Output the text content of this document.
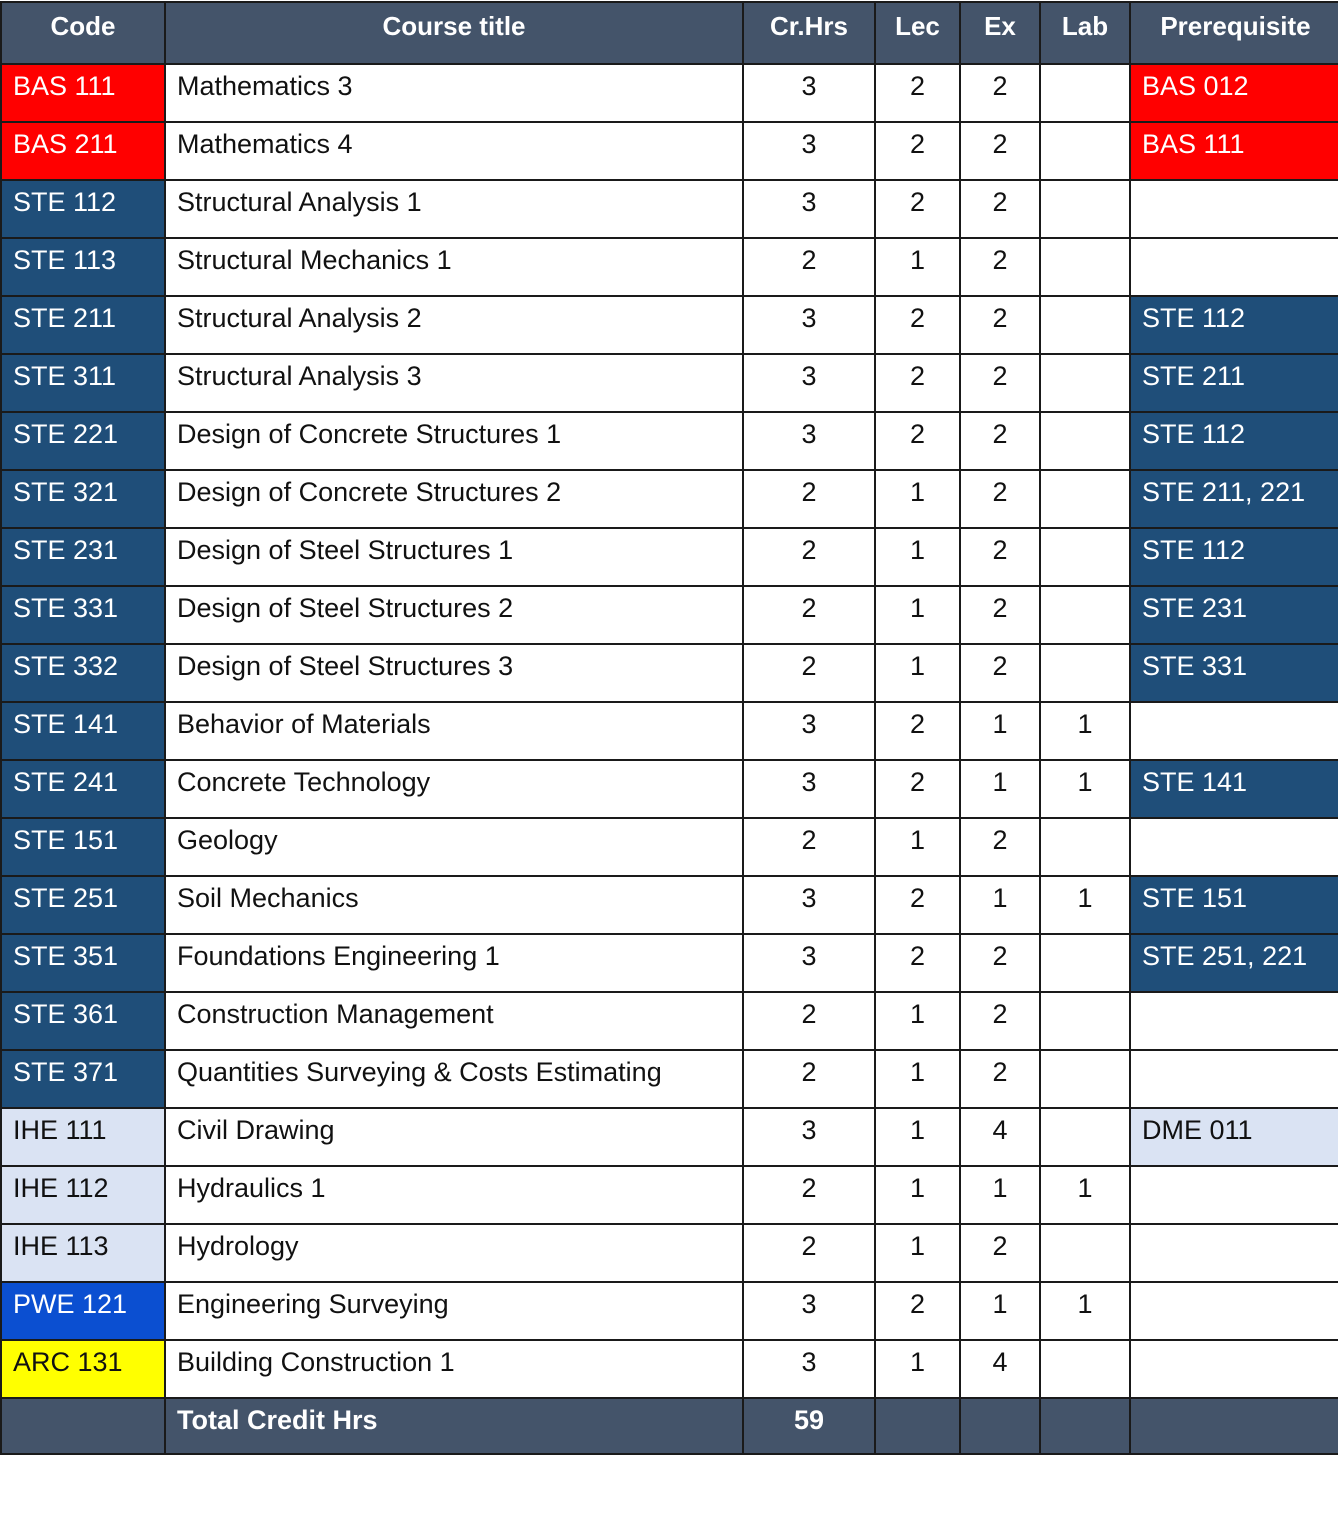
Code	Course title	Cr.Hrs	Lec	Ex	Lab	Prerequisite
BAS 111	Mathematics 3	3	2	2		BAS 012
BAS 211	Mathematics 4	3	2	2		BAS 111
STE 112	Structural Analysis 1	3	2	2		
STE 113	Structural Mechanics 1	2	1	2		
STE 211	Structural Analysis 2	3	2	2		STE 112
STE 311	Structural Analysis 3	3	2	2		STE 211
STE 221	Design of Concrete Structures 1	3	2	2		STE 112
STE 321	Design of Concrete Structures 2	2	1	2		STE 211, 221
STE 231	Design of Steel Structures 1	2	1	2		STE 112
STE 331	Design of Steel Structures 2	2	1	2		STE 231
STE 332	Design of Steel Structures 3	2	1	2		STE 331
STE 141	Behavior of Materials	3	2	1	1	
STE 241	Concrete Technology	3	2	1	1	STE 141
STE 151	Geology	2	1	2		
STE 251	Soil Mechanics	3	2	1	1	STE 151
STE 351	Foundations Engineering 1	3	2	2		STE 251, 221
STE 361	Construction Management	2	1	2		
STE 371	Quantities Surveying & Costs Estimating	2	1	2		
IHE 111	Civil Drawing	3	1	4		DME 011
IHE 112	Hydraulics 1	2	1	1	1	
IHE 113	Hydrology	2	1	2		
PWE 121	Engineering Surveying	3	2	1	1	
ARC 131	Building Construction 1	3	1	4		
	Total Credit Hrs	59				
